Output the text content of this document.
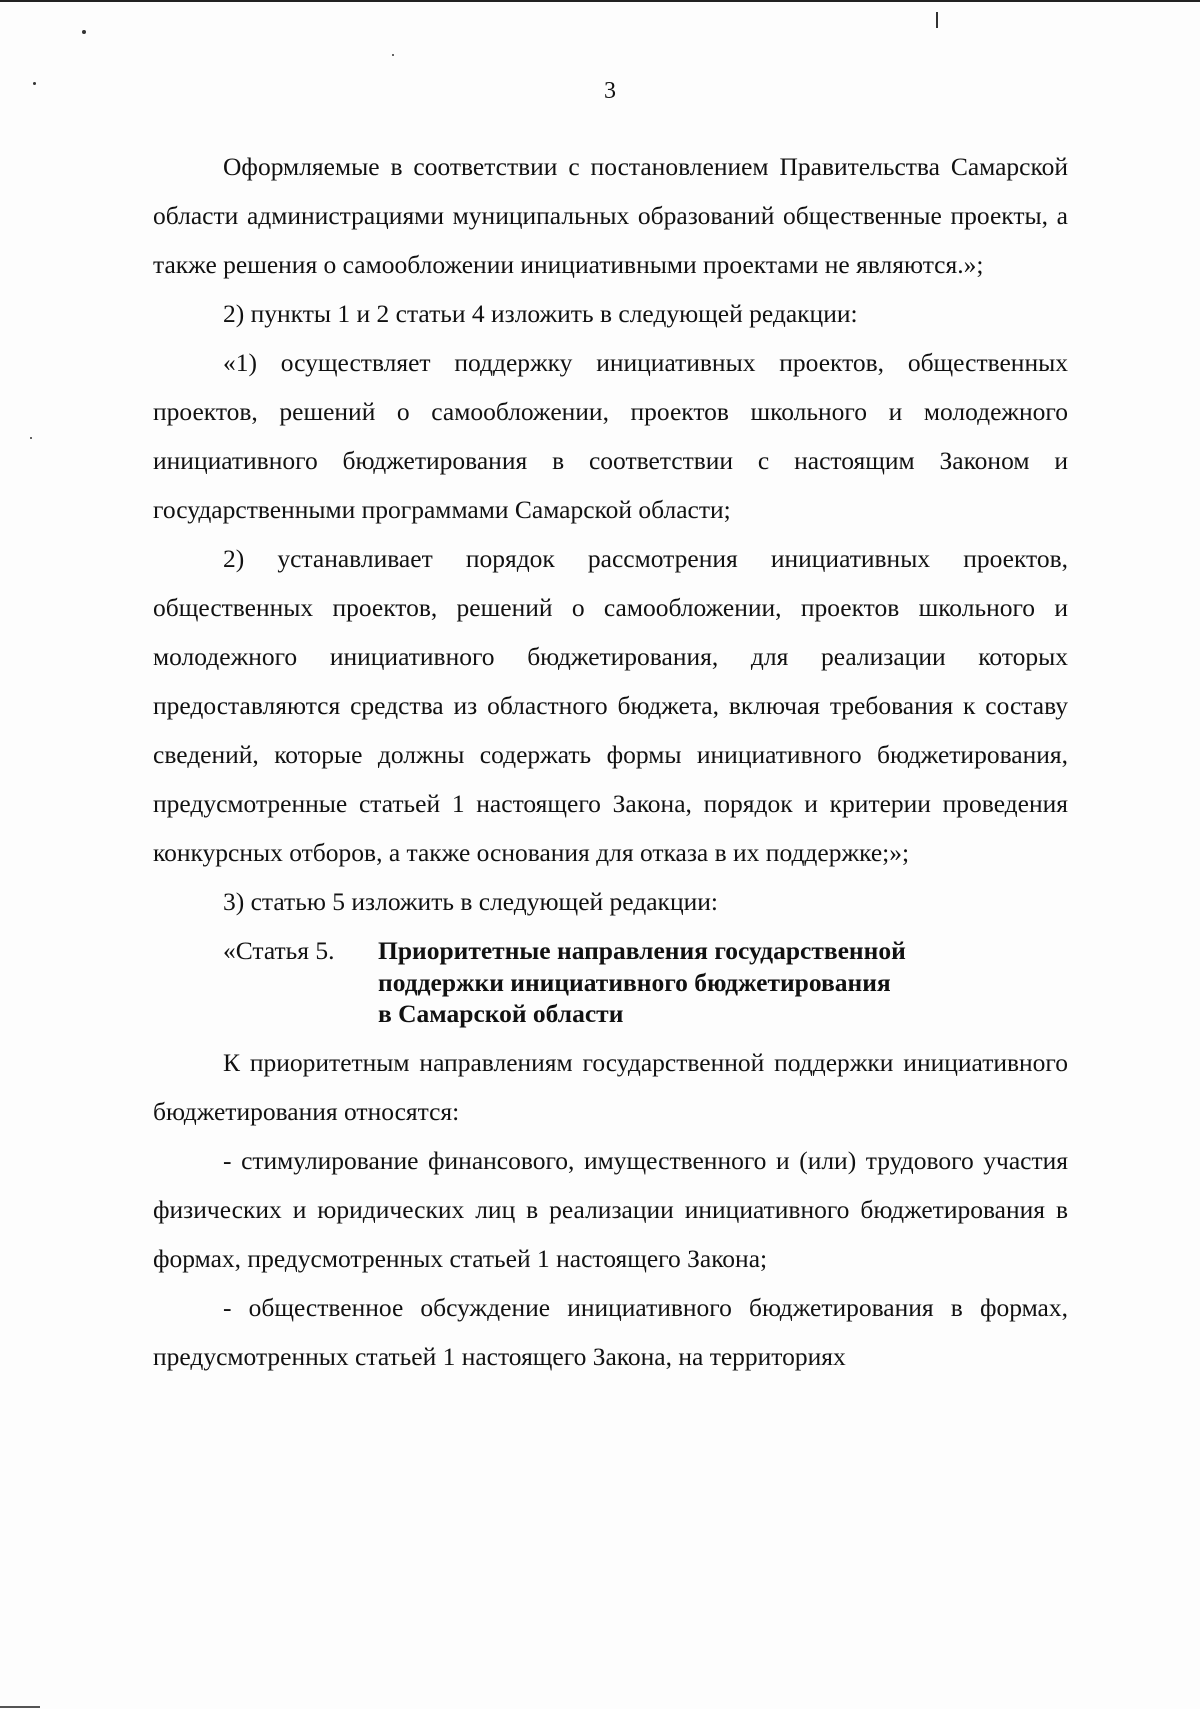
3

Оформляемые в соответствии с постановлением Правительства Самарской области администрациями муниципальных образований общественные проекты, а также решения о самообложении инициативными проектами не являются.»;

2) пункты 1 и 2 статьи 4 изложить в следующей редакции:

«1) осуществляет поддержку инициативных проектов, общественных проектов, решений о самообложении, проектов школьного и молодежного инициативного бюджетирования в соответствии с настоящим Законом и государственными программами Самарской области;

2) устанавливает порядок рассмотрения инициативных проектов, общественных проектов, решений о самообложении, проектов школьного и молодежного инициативного бюджетирования, для реализации которых предоставляются средства из областного бюджета, включая требования к составу сведений, которые должны содержать формы инициативного бюджетирования, предусмотренные статьей 1 настоящего Закона, порядок и критерии проведения конкурсных отборов, а также основания для отказа в их поддержке;»;

3) статью 5 изложить в следующей редакции:

«Статья 5.	Приоритетные направления государственной
поддержки инициативного бюджетирования
в Самарской области

К приоритетным направлениям государственной поддержки инициативного бюджетирования относятся:

- стимулирование финансового, имущественного и (или) трудового участия физических и юридических лиц в реализации инициативного бюджетирования в формах, предусмотренных статьей 1 настоящего Закона;

- общественное обсуждение инициативного бюджетирования в формах, предусмотренных статьей 1 настоящего Закона, на территориях
